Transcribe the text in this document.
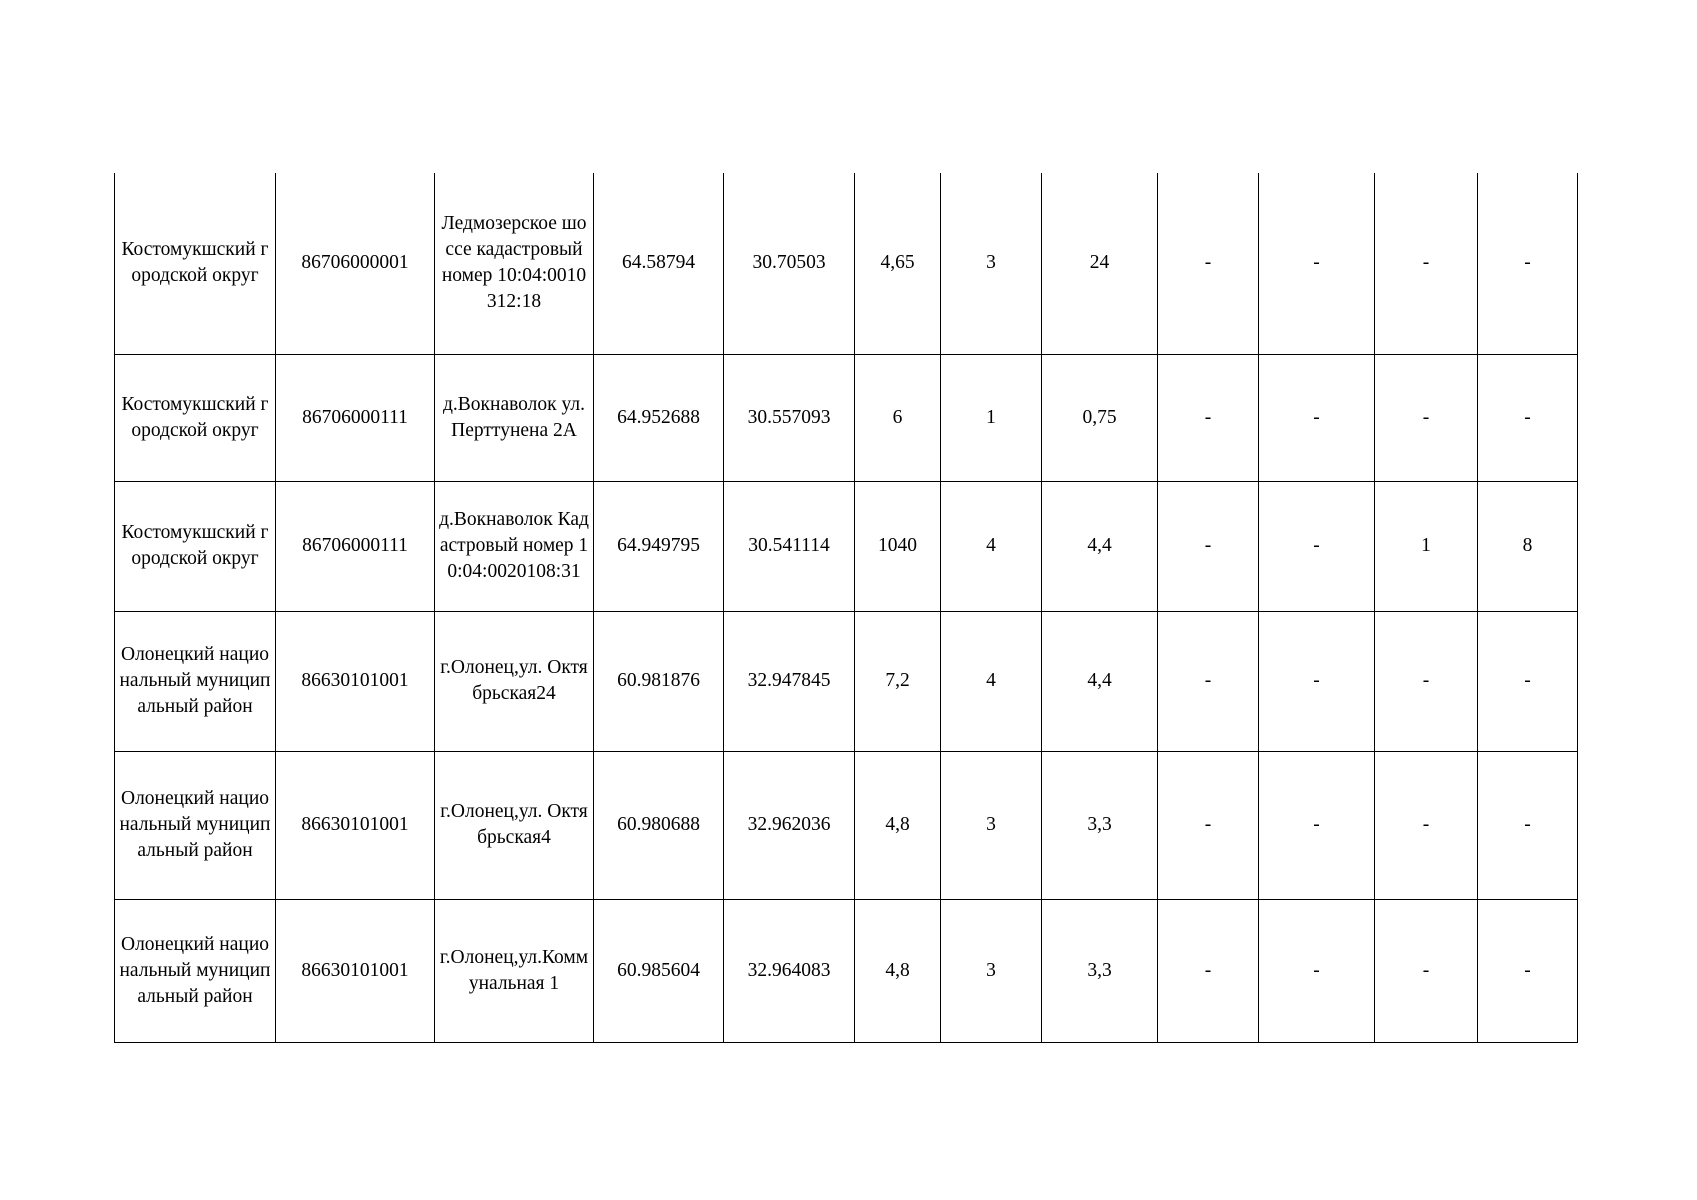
Костомукшский городской округ	86706000001	Ледмозерское шоссе кадастровый номер 10:04:0010312:18	64.58794	30.70503	4,65	3	24	-	-	-	-
Костомукшский городской округ	86706000111	д.Вокнаволок ул.Перттунена 2А	64.952688	30.557093	6	1	0,75	-	-	-	-
Костомукшский городской округ	86706000111	д.Вокнаволок Кадастровый номер 10:04:0020108:31	64.949795	30.541114	1040	4	4,4	-	-	1	8
Олонецкий национальный муниципальный район	86630101001	г.Олонец,ул. Октябрьская24	60.981876	32.947845	7,2	4	4,4	-	-	-	-
Олонецкий национальный муниципальный район	86630101001	г.Олонец,ул. Октябрьская4	60.980688	32.962036	4,8	3	3,3	-	-	-	-
Олонецкий национальный муниципальный район	86630101001	г.Олонец,ул.Коммунальная 1	60.985604	32.964083	4,8	3	3,3	-	-	-	-
